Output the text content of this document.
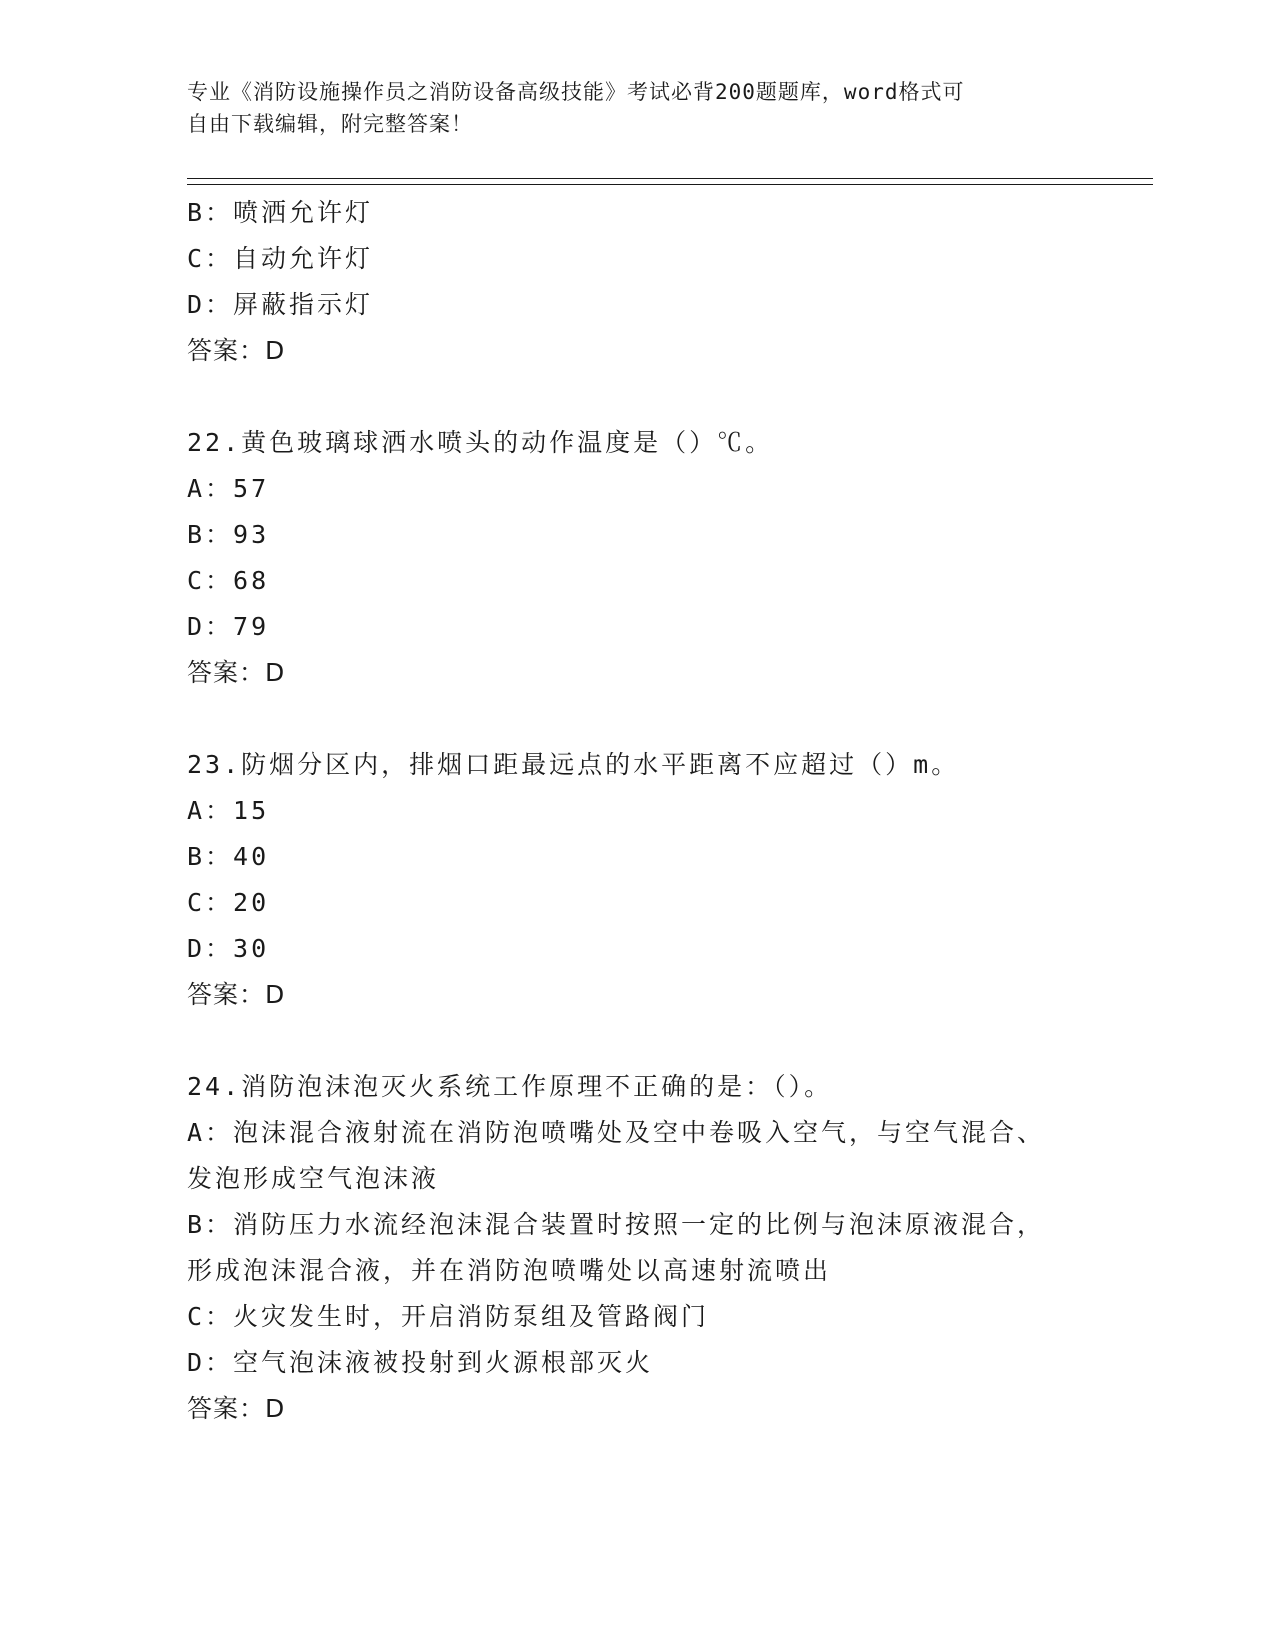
专业《消防设施操作员之消防设备高级技能》考试必背200题题库，word格式可
自由下载编辑，附完整答案！
B：喷洒允许灯
C：自动允许灯
D：屏蔽指示灯
答案：D
22.黄色玻璃球洒水喷头的动作温度是（）℃。
A：57
B：93
C：68
D：79
答案：D
23.防烟分区内，排烟口距最远点的水平距离不应超过（）m。
A：15
B：40
C：20
D：30
答案：D
24.消防泡沫泡灭火系统工作原理不正确的是：（）。
A：泡沫混合液射流在消防泡喷嘴处及空中卷吸入空气，与空气混合、
发泡形成空气泡沫液
B：消防压力水流经泡沫混合装置时按照一定的比例与泡沫原液混合，
形成泡沫混合液，并在消防泡喷嘴处以高速射流喷出
C：火灾发生时，开启消防泵组及管路阀门
D：空气泡沫液被投射到火源根部灭火
答案：D
